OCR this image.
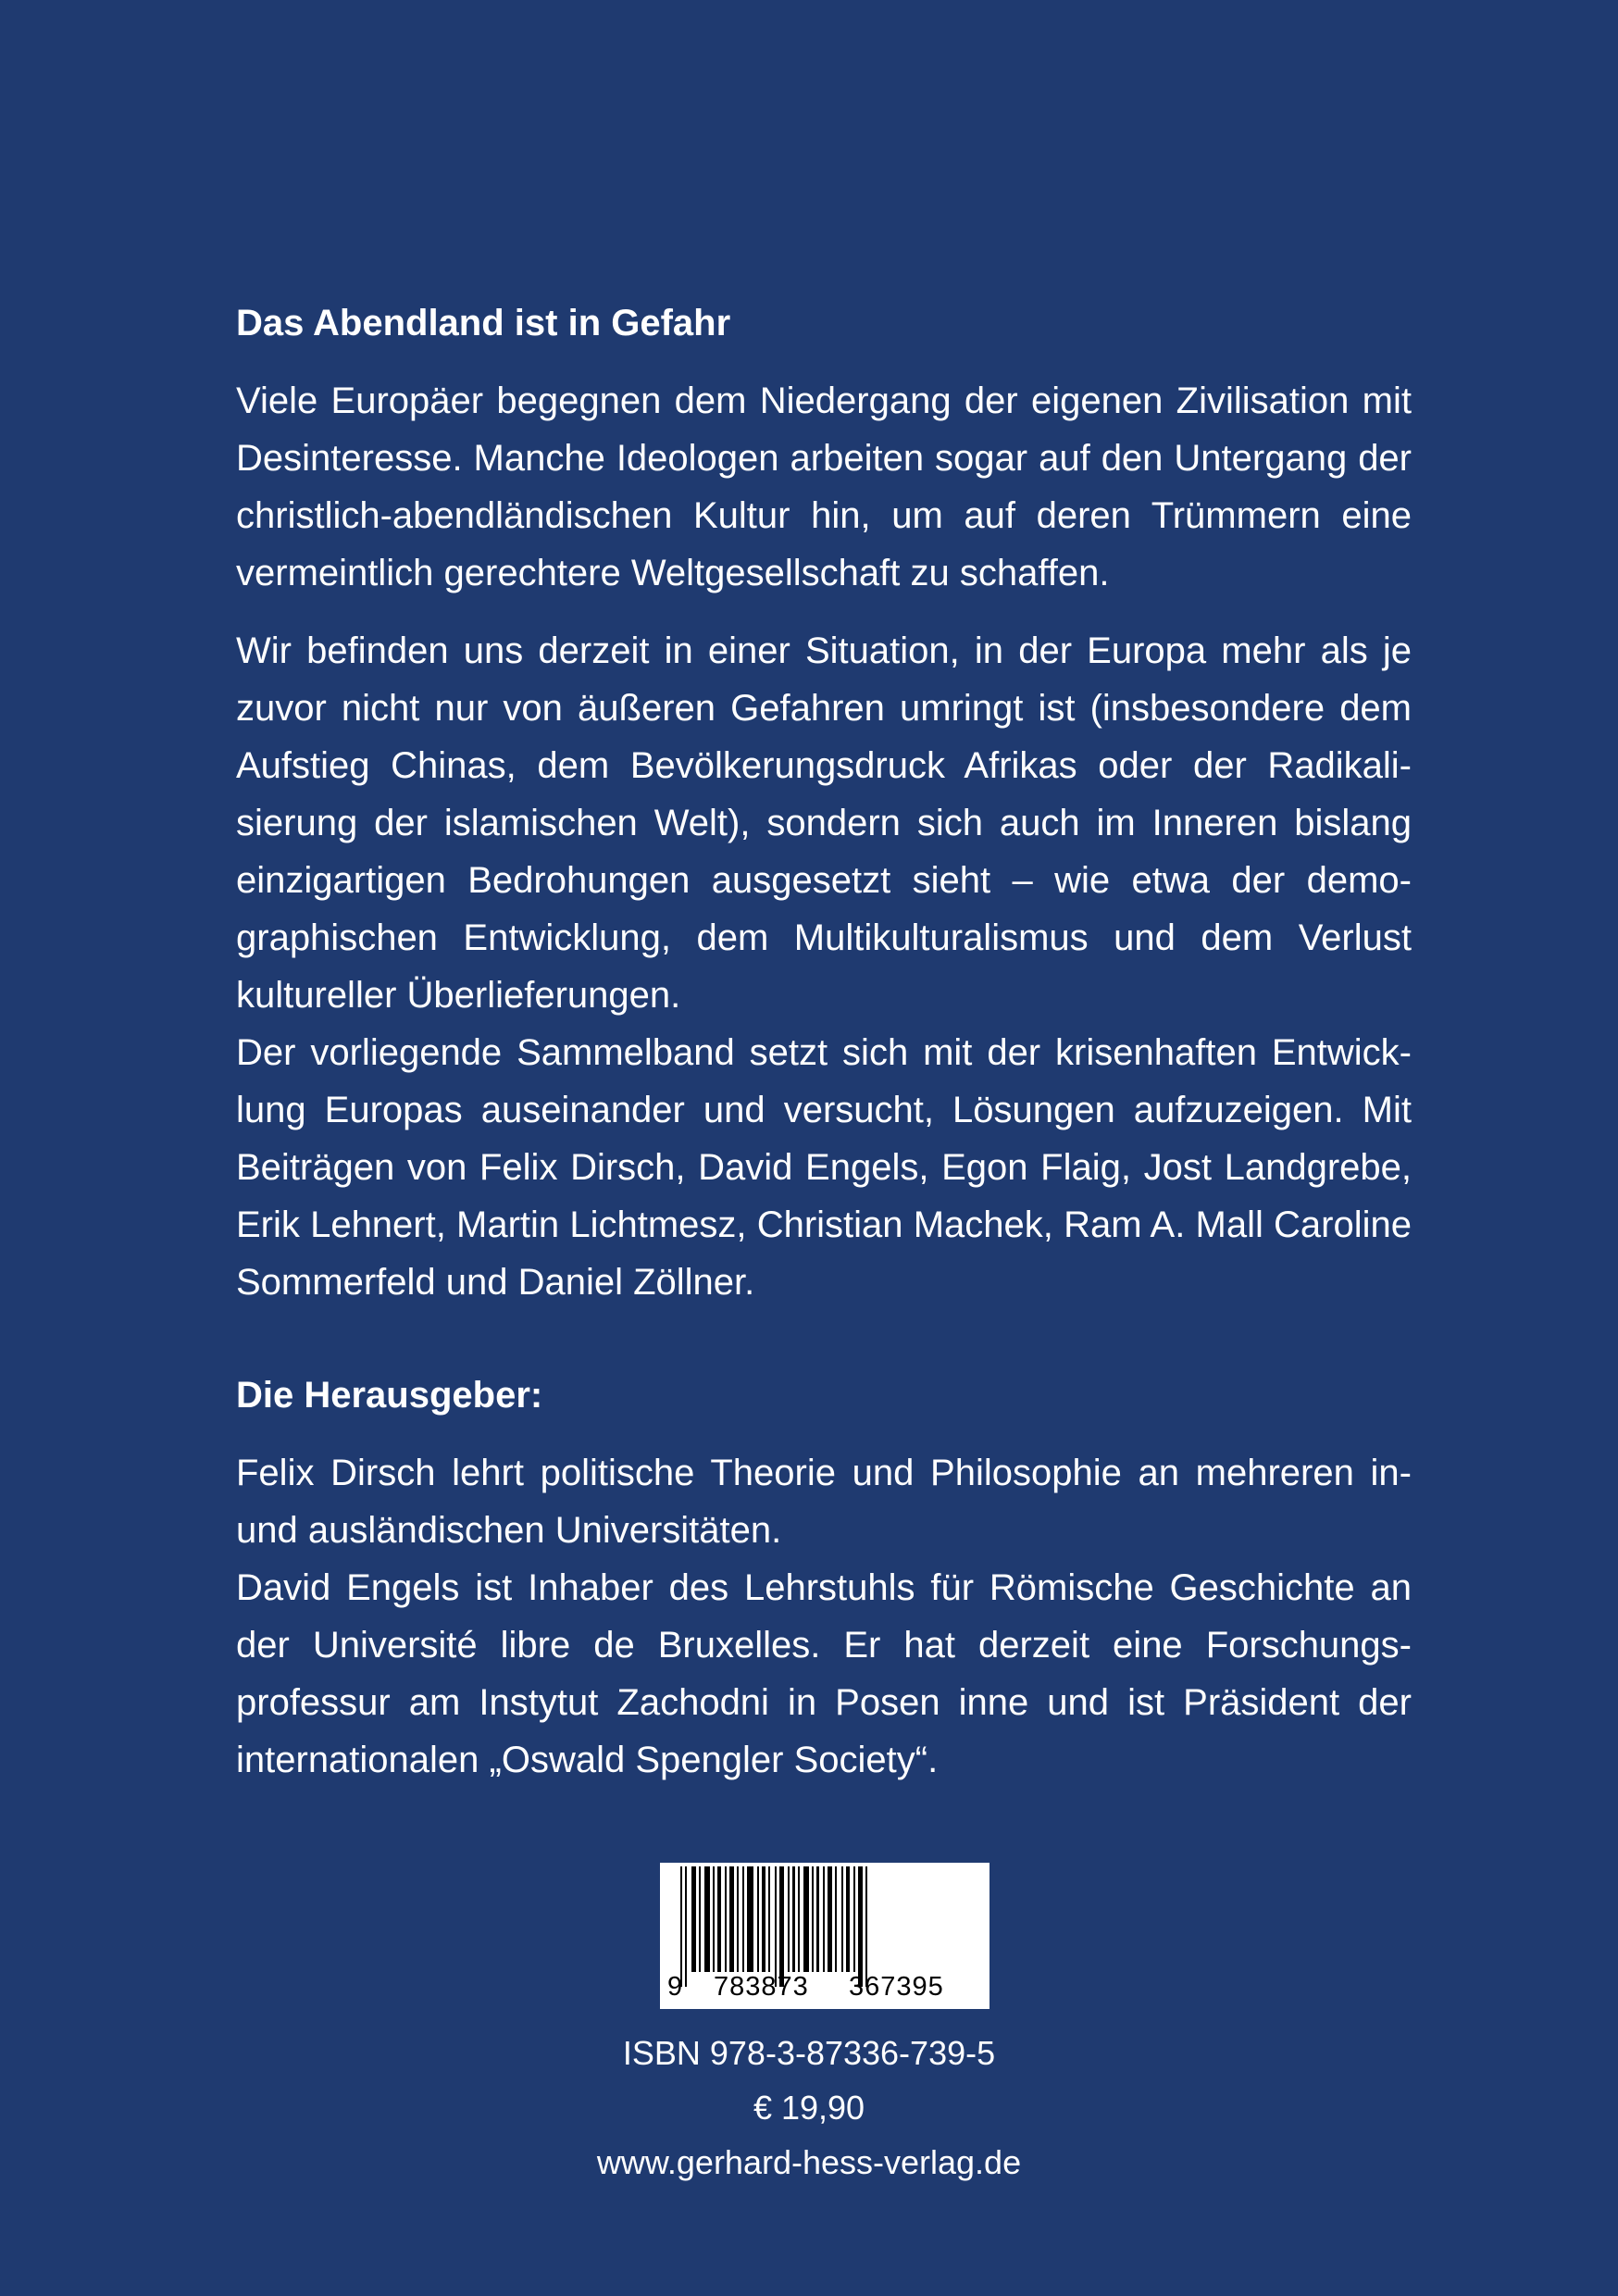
Das Abendland ist in Gefahr
Viele Europäer begegnen dem Niedergang der eigenen Zivilisation mit Desinteresse. Manche Ideologen arbeiten sogar auf den Untergang der christlich-abendländischen Kultur hin, um auf deren Trümmern eine vermeintlich gerechtere Weltgesellschaft zu schaffen.
Wir befinden uns derzeit in einer Situation, in der Europa mehr als je zuvor nicht nur von äußeren Gefahren umringt ist (insbesondere dem Aufstieg Chinas, dem Bevölkerungsdruck Afrikas oder der Radikalisierung der islamischen Welt), sondern sich auch im Inneren bislang einzigartigen Bedrohungen ausgesetzt sieht – wie etwa der demographischen Entwicklung, dem Multikulturalismus und dem Verlust kultureller Überlieferungen.
Der vorliegende Sammelband setzt sich mit der krisenhaften Entwicklung Europas auseinander und versucht, Lösungen aufzuzeigen. Mit Beiträgen von Felix Dirsch, David Engels, Egon Flaig, Jost Landgrebe, Erik Lehnert, Martin Lichtmesz, Christian Machek, Ram A. Mall Caroline Sommerfeld und Daniel Zöllner.
Die Herausgeber:
Felix Dirsch lehrt politische Theorie und Philosophie an mehreren in- und ausländischen Universitäten.
David Engels ist Inhaber des Lehrstuhls für Römische Geschichte an der Université libre de Bruxelles. Er hat derzeit eine Forschungsprofessur am Instytut Zachodni in Posen inne und ist Präsident der internationalen „Oswald Spengler Society“.
9 783873 367395
ISBN 978-3-87336-739-5
€ 19,90
www.gerhard-hess-verlag.de
